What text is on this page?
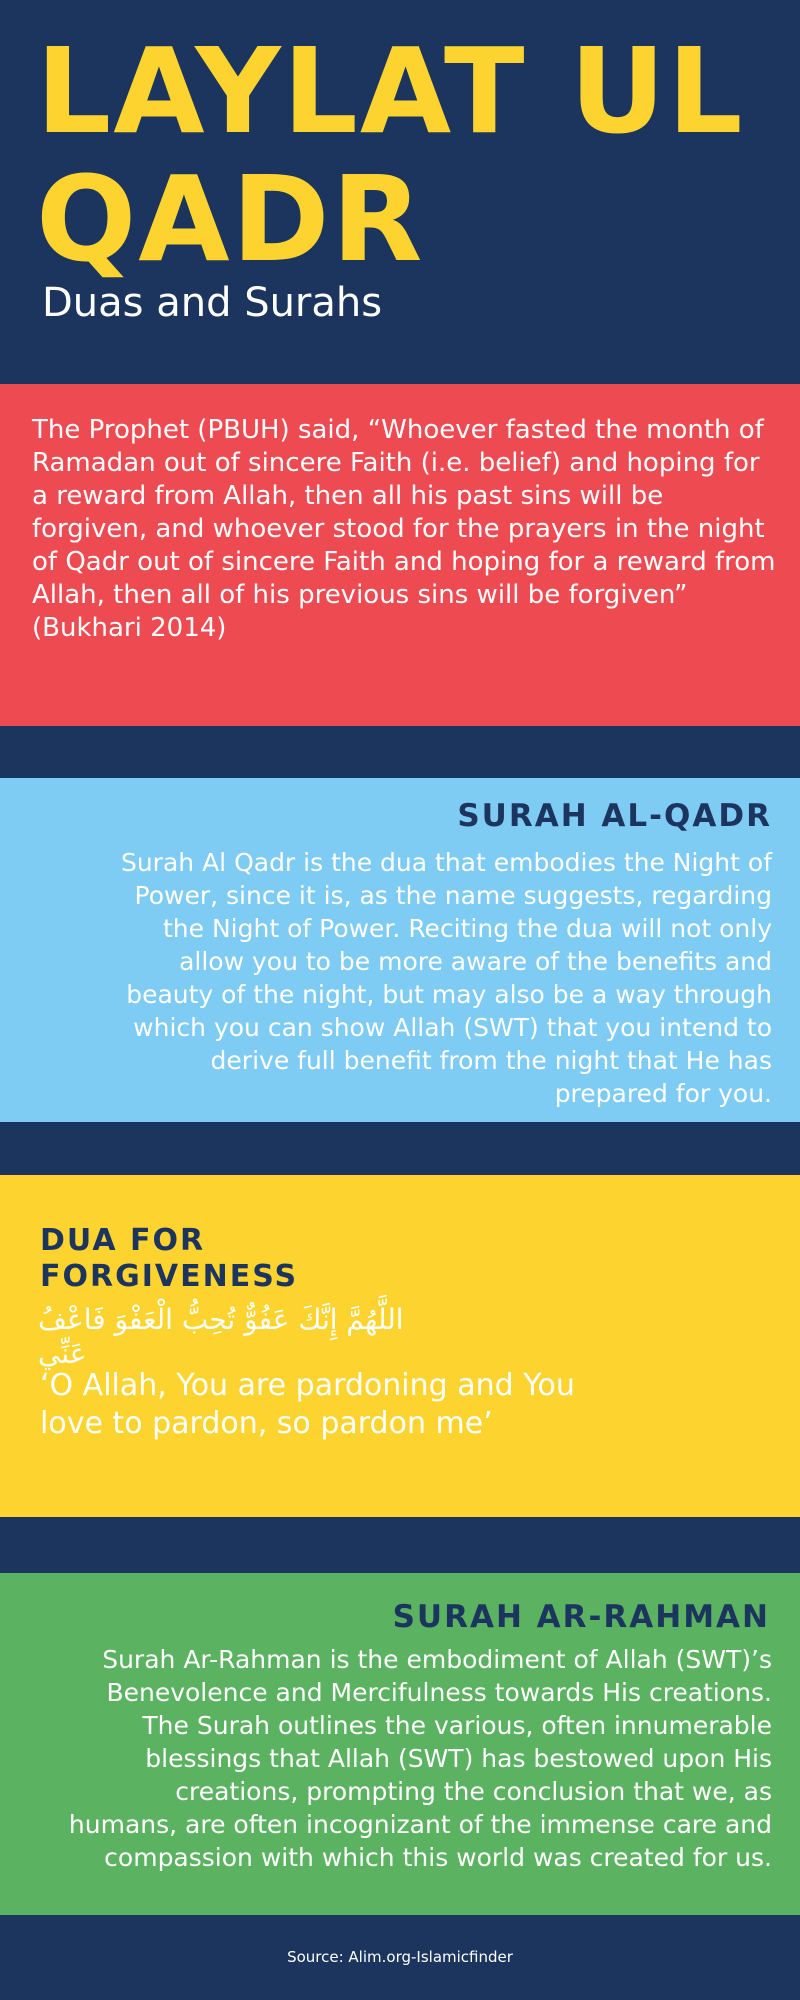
LAYLAT UL
QADR
Duas and Surahs

The Prophet (PBUH) said, “Whoever fasted the month of Ramadan out of sincere Faith (i.e. belief) and hoping for a reward from Allah, then all his past sins will be forgiven, and whoever stood for the prayers in the night of Qadr out of sincere Faith and hoping for a reward from Allah, then all of his previous sins will be forgiven” (Bukhari 2014)

SURAH AL-QADR

Surah Al Qadr is the dua that embodies the Night of Power, since it is, as the name suggests, regarding the Night of Power. Reciting the dua will not only allow you to be more aware of the benefits and beauty of the night, but may also be a way through which you can show Allah (SWT) that you intend to derive full benefit from the night that He has prepared for you.

DUA FOR FORGIVENESS
اللَّهُمَّ إِنَّكَ عَفُوٌّ تُحِبُّ الْعَفْوَ فَاعْفُ عَنِّي
‘O Allah, You are pardoning and You love to pardon, so pardon me’
SURAH AR-RAHMAN

Surah Ar-Rahman is the embodiment of Allah (SWT)’s Benevolence and Mercifulness towards His creations. The Surah outlines the various, often innumerable blessings that Allah (SWT) has bestowed upon His creations, prompting the conclusion that we, as humans, are often incognizant of the immense care and compassion with which this world was created for us.

Source: Alim.org-Islamicfinder
